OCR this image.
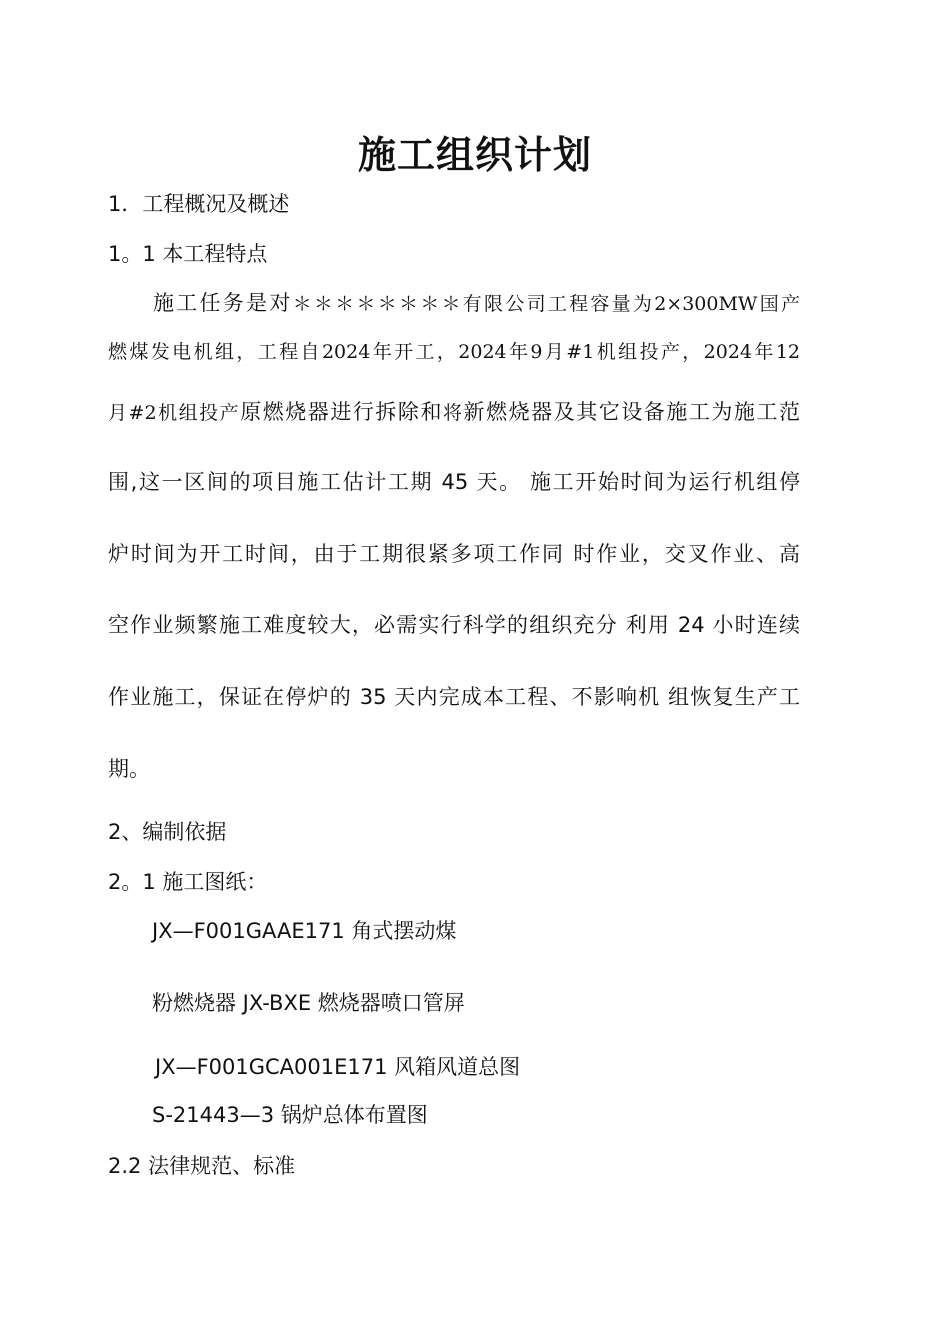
施工组织计划
1．工程概况及概述
1。1 本工程特点
施工任务是对＊＊＊＊＊＊＊＊有限公司工程容量为2×300MW国产
燃煤发电机组，工程自2024年开工，2024年9月#1机组投产，2024年12
月#2机组投产原燃烧器进行拆除和将新燃烧器及其它设备施工为施工范
围,这一区间的项目施工估计工期 45 天。 施工开始时间为运行机组停
炉时间为开工时间，由于工期很紧多项工作同 时作业，交叉作业、高
空作业频繁施工难度较大，必需实行科学的组织充分 利用 24 小时连续
作业施工，保证在停炉的 35 天内完成本工程、不影响机 组恢复生产工
期。
2、编制依据
2。1 施工图纸：
JX—F001GAAE171 角式摆动煤
粉燃烧器 JX-BXE 燃烧器喷口管屏
JX—F001GCA001E171 风箱风道总图
S-21443—3 锅炉总体布置图
2.2 法律规范、标准
